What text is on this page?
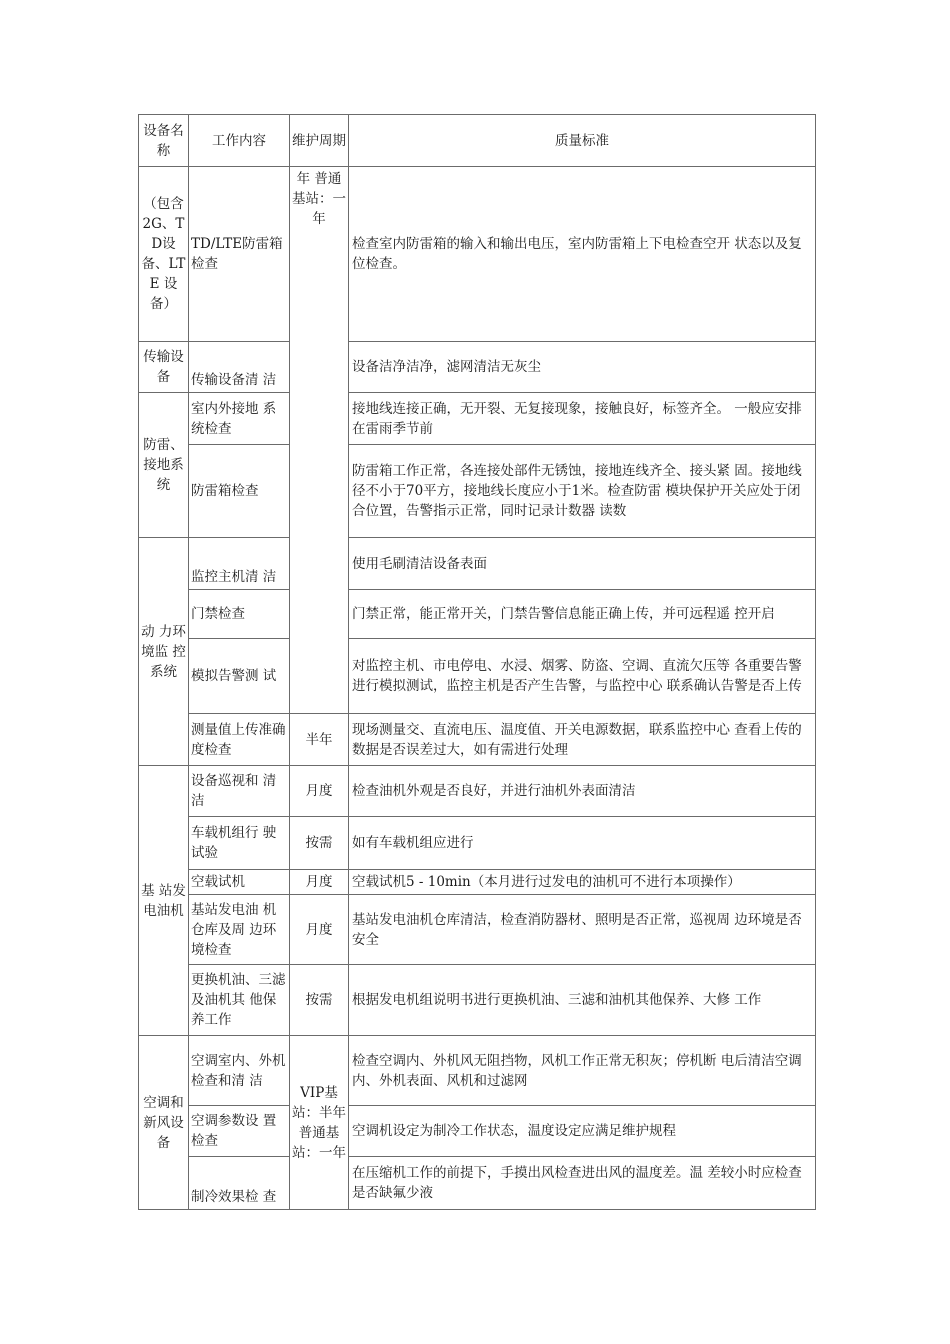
设备名称	工作内容	维护周期	质量标准
（包含2G、TD设备、LTE 设备）	TD/LTE防雷箱检查	年 普通基站：一年	检查室内防雷箱的输入和输出电压，室内防雷箱上下电检查空开 状态以及复位检查。
传输设备	传输设备清 洁		设备洁净洁净，滤网清洁无灰尘
防雷、接地系统	室内外接地 系统检查		接地线连接正确，无开裂、无复接现象，接触良好，标签齐全。 一般应安排在雷雨季节前
	防雷箱检查		防雷箱工作正常，各连接处部件无锈蚀，接地连线齐全、接头紧 固。接地线径不小于70平方，接地线长度应小于1米。检查防雷 模块保护开关应处于闭合位置，告警指示正常，同时记录计数器 读数
动 力环 境监 控系统	监控主机清 洁		使用毛刷清洁设备表面
	门禁检查		门禁正常，能正常开关，门禁告警信息能正确上传，并可远程遥 控开启
	模拟告警测 试		对监控主机、市电停电、水浸、烟雾、防盗、空调、直流欠压等 各重要告警进行模拟测试，监控主机是否产生告警，与监控中心 联系确认告警是否上传
	测量值上传准确度检查	半年	现场测量交、直流电压、温度值、开关电源数据，联系监控中心 查看上传的数据是否误差过大，如有需进行处理
基 站发 电油机	设备巡视和 清洁	月度	检查油机外观是否良好，并进行油机外表面清洁
	车载机组行 驶试验	按需	如有车载机组应进行
	空载试机	月度	空载试机5 - 10min（本月进行过发电的油机可不进行本项操作）
	基站发电油 机仓库及周 边环境检查	月度	基站发电油机仓库清洁，检查消防器材、照明是否正常，巡视周 边环境是否安全
	更换机油、三滤及油机其 他保养工作	按需	根据发电机组说明书进行更换机油、三滤和油机其他保养、大修 工作
空调和新风设备	空调室内、外机检查和清 洁	VIP基站：半年 普通基站：一年	检查空调内、外机风无阻挡物，风机工作正常无积灰；停机断 电后清洁空调内、外机表面、风机和过滤网
	空调参数设 置检查		空调机设定为制冷工作状态，温度设定应满足维护规程
	制冷效果检 查		在压缩机工作的前提下，手摸出风检查进出风的温度差。温 差较小时应检查是否缺氟少液
